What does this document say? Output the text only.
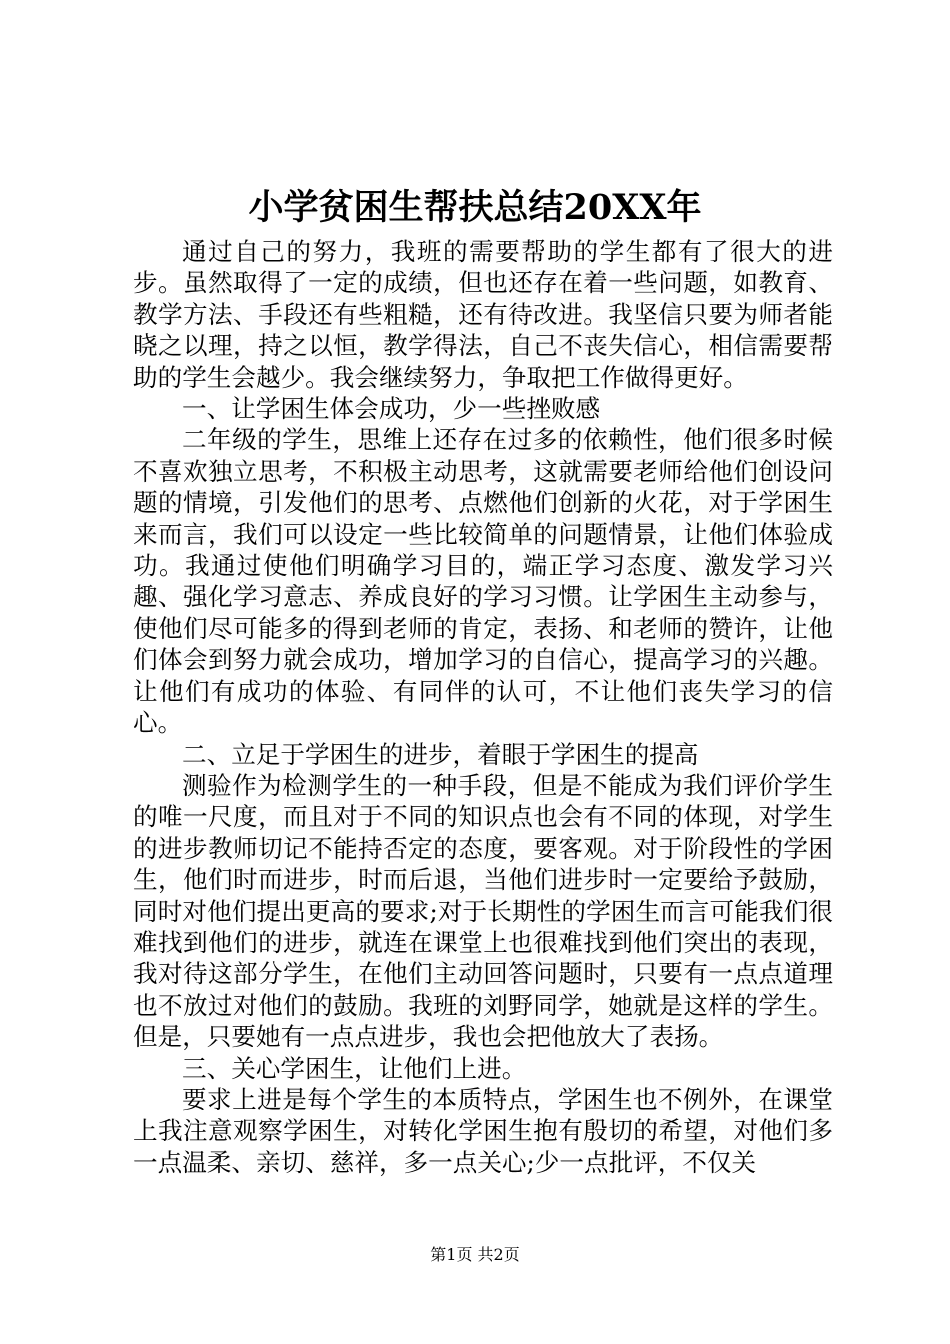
小学贫困生帮扶总结20XX年

通过自己的努力，我班的需要帮助的学生都有了很大的进步。虽然取得了一定的成绩，但也还存在着一些问题，如教育、教学方法、手段还有些粗糙，还有待改进。我坚信只要为师者能晓之以理，持之以恒，教学得法，自己不丧失信心，相信需要帮助的学生会越少。我会继续努力，争取把工作做得更好。

一、让学困生体会成功，少一些挫败感

二年级的学生，思维上还存在过多的依赖性，他们很多时候不喜欢独立思考，不积极主动思考，这就需要老师给他们创设问题的情境，引发他们的思考、点燃他们创新的火花，对于学困生来而言，我们可以设定一些比较简单的问题情景，让他们体验成功。我通过使他们明确学习目的，端正学习态度、激发学习兴趣、强化学习意志、养成良好的学习习惯。让学困生主动参与，使他们尽可能多的得到老师的肯定，表扬、和老师的赞许，让他们体会到努力就会成功，增加学习的自信心，提高学习的兴趣。让他们有成功的体验、有同伴的认可，不让他们丧失学习的信心。

二、立足于学困生的进步，着眼于学困生的提高

测验作为检测学生的一种手段，但是不能成为我们评价学生的唯一尺度，而且对于不同的知识点也会有不同的体现，对学生的进步教师切记不能持否定的态度，要客观。对于阶段性的学困生，他们时而进步，时而后退，当他们进步时一定要给予鼓励，同时对他们提出更高的要求;对于长期性的学困生而言可能我们很难找到他们的进步，就连在课堂上也很难找到他们突出的表现，我对待这部分学生，在他们主动回答问题时，只要有一点点道理也不放过对他们的鼓励。我班的刘野同学，她就是这样的学生。但是，只要她有一点点进步，我也会把他放大了表扬。

三、关心学困生，让他们上进。

要求上进是每个学生的本质特点，学困生也不例外，在课堂上我注意观察学困生，对转化学困生抱有殷切的希望，对他们多一点温柔、亲切、慈祥，多一点关心;少一点批评，不仅关

第1页 共2页
